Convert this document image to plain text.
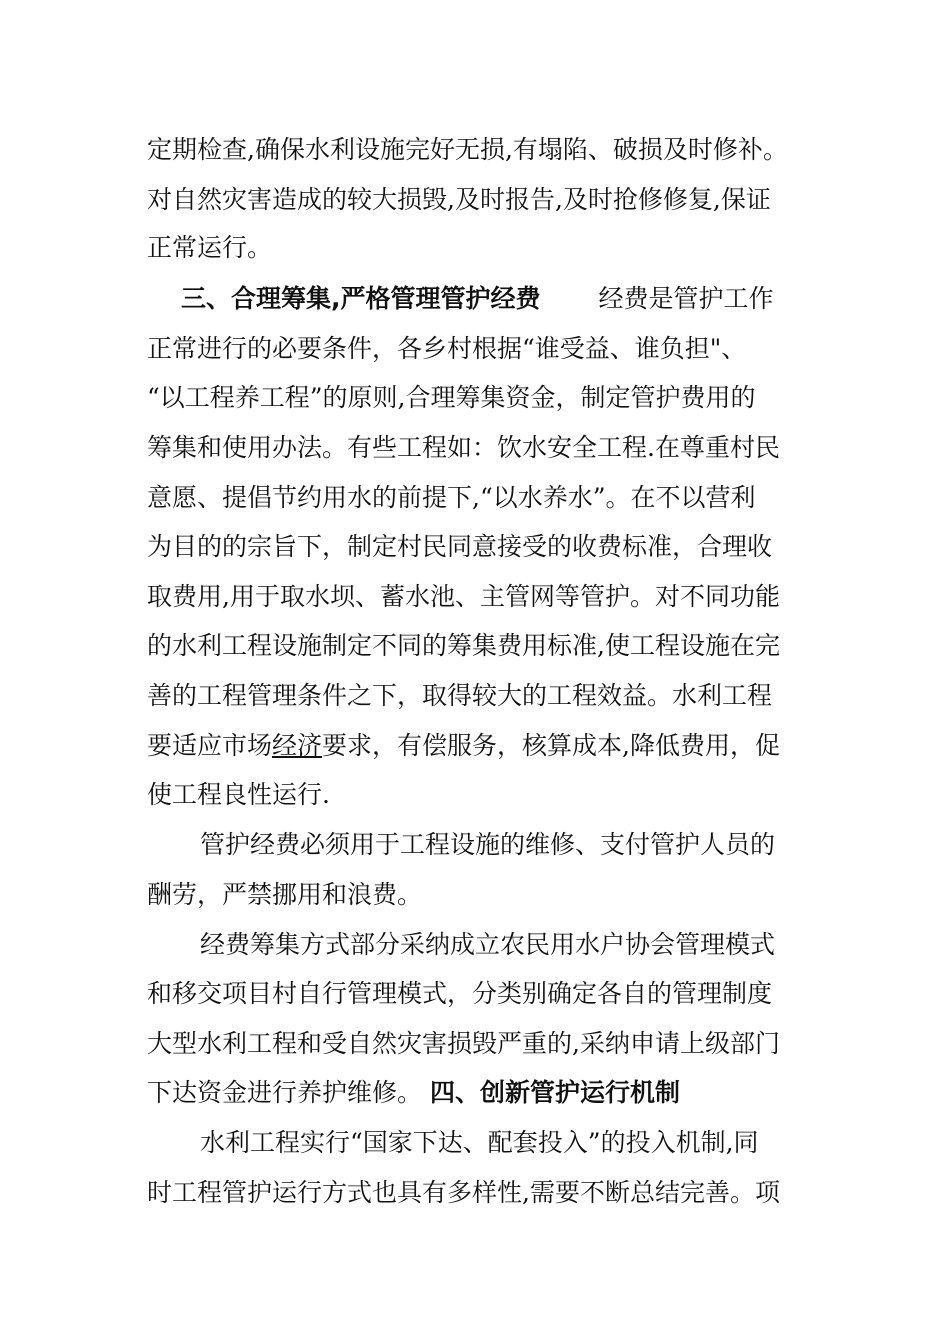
定期检查,确保水利设施完好无损,有塌陷、破损及时修补。
对自然灾害造成的较大损毁,及时报告,及时抢修修复,保证
正常运行。
三、合理筹集,严格管理管护经费　　 经费是管护工作
正常进行的必要条件，各乡村根据“谁受益、谁负担"、
“以工程养工程”的原则,合理筹集资金，制定管护费用的
筹集和使用办法。有些工程如：饮水安全工程.在尊重村民
意愿、提倡节约用水的前提下,“以水养水”。在不以营利
为目的的宗旨下，制定村民同意接受的收费标准，合理收
取费用,用于取水坝、蓄水池、主管网等管护。对不同功能
的水利工程设施制定不同的筹集费用标准,使工程设施在完
善的工程管理条件之下，取得较大的工程效益。水利工程
要适应市场经济要求，有偿服务，核算成本,降低费用，促
使工程良性运行.
管护经费必须用于工程设施的维修、支付管护人员的
酬劳，严禁挪用和浪费。
经费筹集方式部分采纳成立农民用水户协会管理模式
和移交项目村自行管理模式，分类别确定各自的管理制度
大型水利工程和受自然灾害损毁严重的,采纳申请上级部门
下达资金进行养护维修。 四、创新管护运行机制
水利工程实行“国家下达、配套投入”的投入机制,同
时工程管护运行方式也具有多样性,需要不断总结完善。项
